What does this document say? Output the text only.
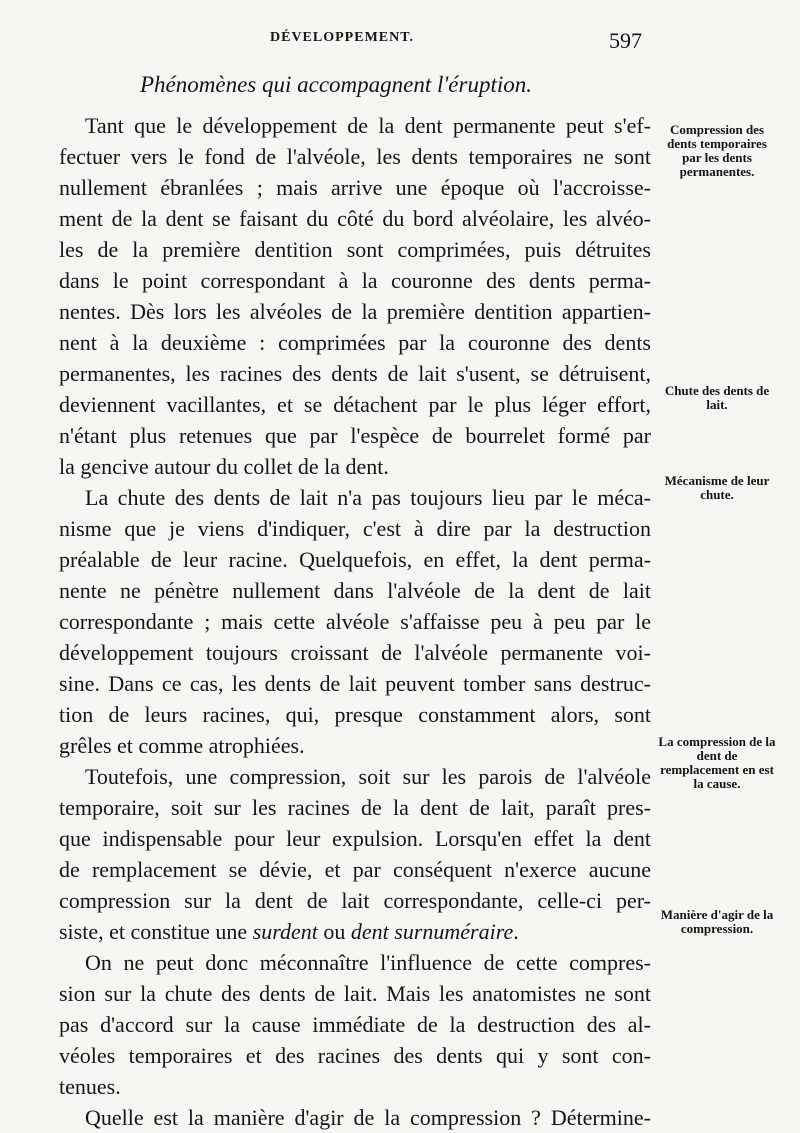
DÉVELOPPEMENT.	597
Phénomènes qui accompagnent l'éruption.
Tant que le développement de la dent permanente peut s'ef-
fectuer vers le fond de l'alvéole, les dents temporaires ne sont
nullement ébranlées ; mais arrive une époque où l'accroisse-
ment de la dent se faisant du côté du bord alvéolaire, les alvéo-
les de la première dentition sont comprimées, puis détruites
dans le point correspondant à la couronne des dents perma-
nentes. Dès lors les alvéoles de la première dentition appartien-
nent à la deuxième : comprimées par la couronne des dents
permanentes, les racines des dents de lait s'usent, se détruisent,
deviennent vacillantes, et se détachent par le plus léger effort,
n'étant plus retenues que par l'espèce de bourrelet formé par
la gencive autour du collet de la dent.
La chute des dents de lait n'a pas toujours lieu par le méca-
nisme que je viens d'indiquer, c'est à dire par la destruction
préalable de leur racine. Quelquefois, en effet, la dent perma-
nente ne pénètre nullement dans l'alvéole de la dent de lait
correspondante ; mais cette alvéole s'affaisse peu à peu par le
développement toujours croissant de l'alvéole permanente voi-
sine. Dans ce cas, les dents de lait peuvent tomber sans destruc-
tion de leurs racines, qui, presque constamment alors, sont
grêles et comme atrophiées.
Toutefois, une compression, soit sur les parois de l'alvéole
temporaire, soit sur les racines de la dent de lait, paraît pres-
que indispensable pour leur expulsion. Lorsqu'en effet la dent
de remplacement se dévie, et par conséquent n'exerce aucune
compression sur la dent de lait correspondante, celle-ci per-
siste, et constitue une surdent ou dent surnuméraire.
On ne peut donc méconnaître l'influence de cette compres-
sion sur la chute des dents de lait. Mais les anatomistes ne sont
pas d'accord sur la cause immédiate de la destruction des al-
véoles temporaires et des racines des dents qui y sont con-
tenues.
Quelle est la manière d'agir de la compression ? Détermine-
Compression des dents temporaires par les dents permanentes.
Chute des dents de lait.
Mécanisme de leur chute.
La compression de la dent de remplacement en est la cause.
Manière d'agir de la compression.
